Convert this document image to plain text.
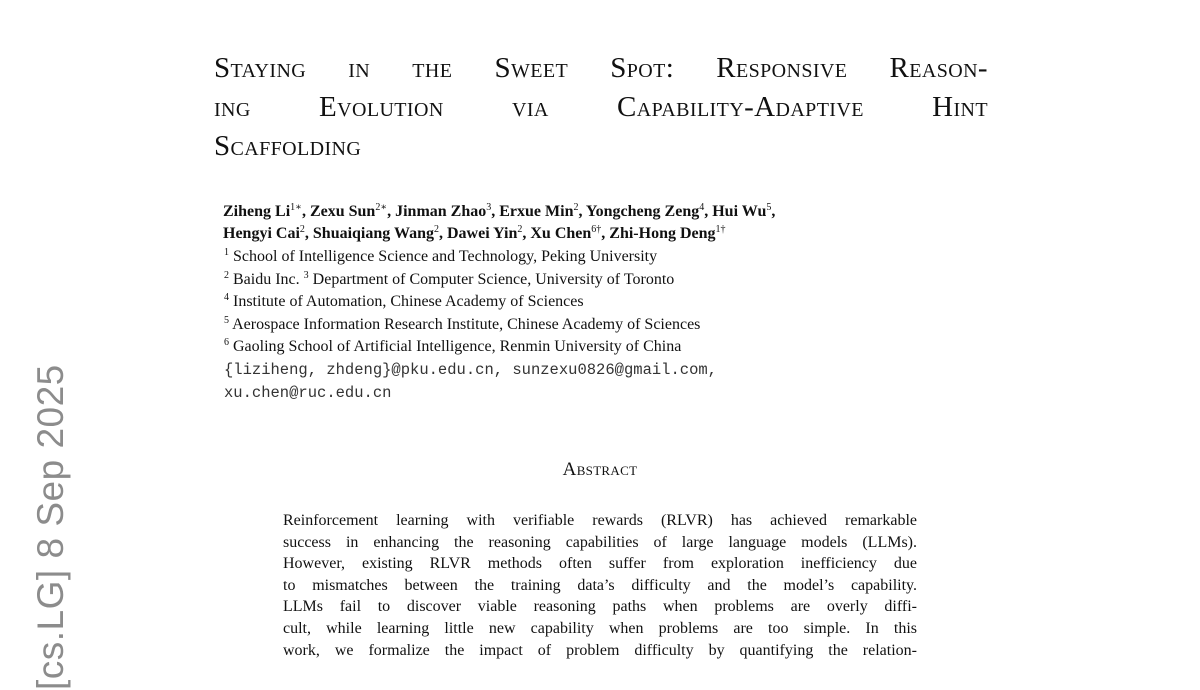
Staying in the Sweet Spot: Responsive Reason-
ing Evolution via Capability-Adaptive Hint
Scaffolding
Ziheng $Li^{1∗}$, Zexu Sun$^{2∗}$, Jinman Zhao$^3$, Erxue Min$^2$, Yongcheng Zeng$^4$, Hui Wu$^5$,
Hengyi Cai$^2$, Shuaiqiang Wang$^2$, Dawei Yin$^2$, Xu Chen$^{6\dagger}$, Zhi-Hong Deng$^{1\dagger}$
$^1$ School of Intelligence Science and Technology, Peking University
$^2$ Baidu Inc. $^3$ Department of Computer Science, University of Toronto
$^4$ Institute of Automation, Chinese Academy of Sciences
$^5$ Aerospace Information Research Institute, Chinese Academy of Sciences
$^6$ Gaoling School of Artificial Intelligence, Renmin University of China
{liziheng, zhdeng}@pku.edu.cn, sunzexu0826@gmail.com,
xu.chen@ruc.edu.cn
Abstract
Reinforcement learning with verifiable rewards (RLVR) has achieved remarkable
success in enhancing the reasoning capabilities of large language models (LLMs).
However, existing RLVR methods often suffer from exploration inefficiency due
to mismatches between the training data’s difficulty and the model’s capability.
LLMs fail to discover viable reasoning paths when problems are overly diffi-
cult, while learning little new capability when problems are too simple. In this
work, we formalize the impact of problem difficulty by quantifying the relation-
[cs.LG] 8 Sep 2025
